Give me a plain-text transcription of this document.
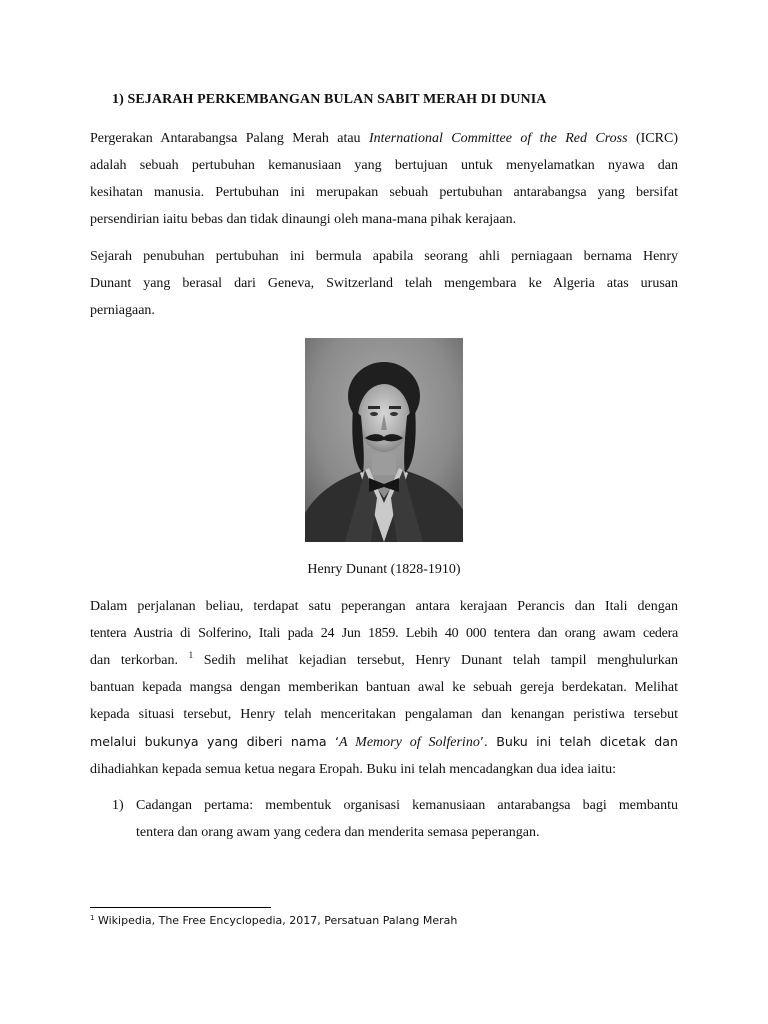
1) SEJARAH PERKEMBANGAN BULAN SABIT MERAH DI DUNIA
Pergerakan Antarabangsa Palang Merah atau International Committee of the Red Cross (ICRC)
adalah sebuah pertubuhan kemanusiaan yang bertujuan untuk menyelamatkan nyawa dan
kesihatan manusia. Pertubuhan ini merupakan sebuah pertubuhan antarabangsa yang bersifat
persendirian iaitu bebas dan tidak dinaungi oleh mana-mana pihak kerajaan.
Sejarah penubuhan pertubuhan ini bermula apabila seorang ahli perniagaan bernama Henry
Dunant yang berasal dari Geneva, Switzerland telah mengembara ke Algeria atas urusan
perniagaan.
Dalam perjalanan beliau, terdapat satu peperangan antara kerajaan Perancis dan Itali dengan
tentera Austria di Solferino, Itali pada 24 Jun 1859. Lebih 40 000 tentera dan orang awam cedera
dan terkorban. $^1$ Sedih melihat kejadian tersebut, Henry Dunant telah tampil menghulurkan
bantuan kepada mangsa dengan memberikan bantuan awal ke sebuah gereja berdekatan. Melihat
kepada situasi tersebut, Henry telah menceritakan pengalaman dan kenangan peristiwa tersebut
melalui bukunya yang diberi nama ‘A Memory of Solferino’. Buku ini telah dicetak dan
dihadiahkan kepada semua ketua negara Eropah. Buku ini telah mencadangkan dua idea iaitu:
1) Cadangan pertama: membentuk organisasi kemanusiaan antarabangsa bagi membantu
tentera dan orang awam yang cedera dan menderita semasa peperangan.
Henry Dunant (1828-1910)
$^1$ Wikipedia, The Free Encyclopedia, 2017, Persatuan Palang Merah
